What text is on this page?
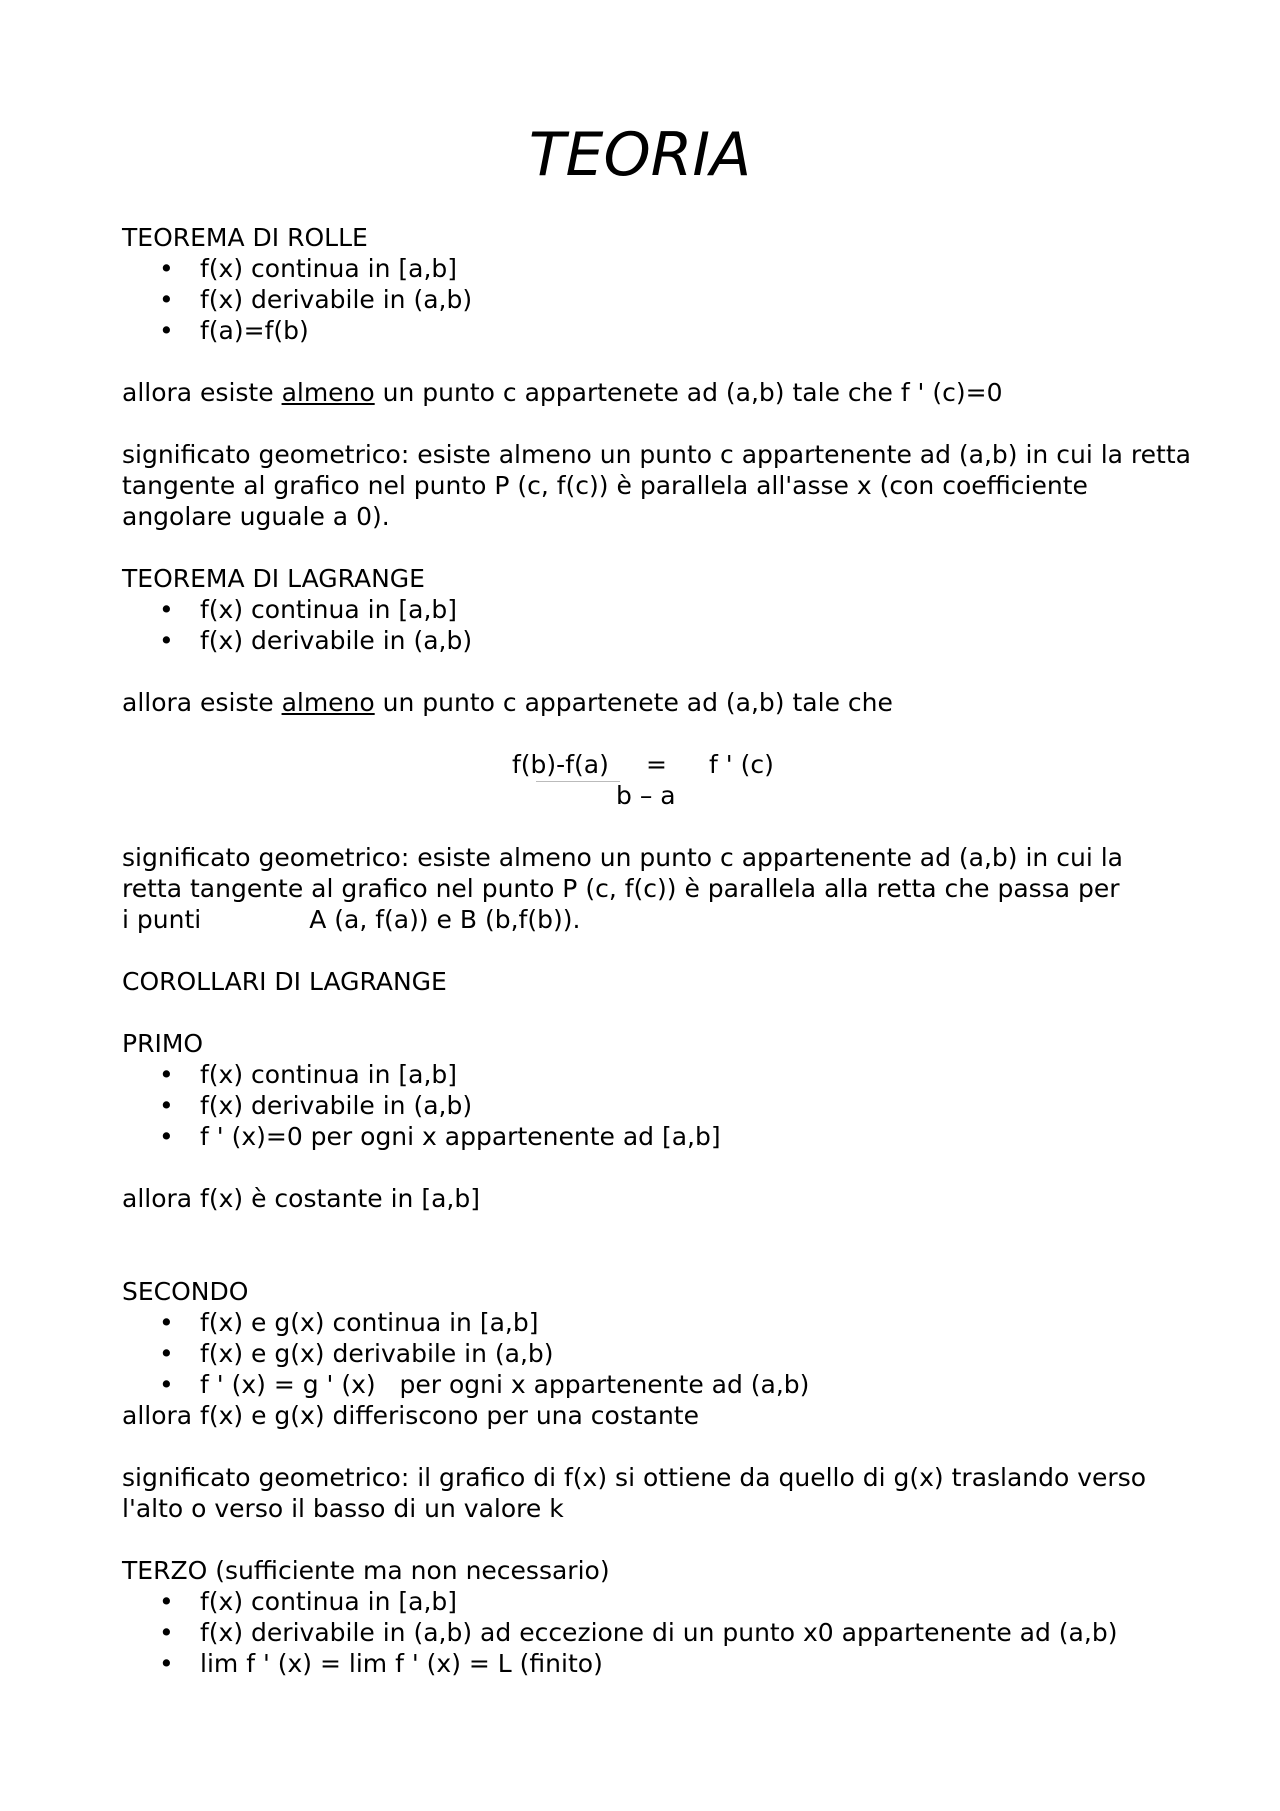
TEORIA

TEOREMA DI ROLLE

• f(x) continua in [a,b]
• f(x) derivabile in (a,b)
• f(a)=f(b)

allora esiste almeno un punto c appartenete ad (a,b) tale che f ' (c)=0

significato geometrico: esiste almeno un punto c appartenente ad (a,b) in cui la retta tangente al grafico nel punto P (c, f(c)) è parallela all'asse x (con coefficiente angolare uguale a 0).

TEOREMA DI LAGRANGE

• f(x) continua in [a,b]
• f(x) derivabile in (a,b)

allora esiste almeno un punto c appartenete ad (a,b) tale che

f(b)-f(a) = f ' (c)
b – a

significato geometrico: esiste almeno un punto c appartenente ad (a,b) in cui la
retta tangente al grafico nel punto P (c, f(c)) è parallela alla retta che passa per
i punti	A (a, f(a)) e B (b,f(b)).

COROLLARI DI LAGRANGE

PRIMO

• f(x) continua in [a,b]
• f(x) derivabile in (a,b)
• f ' (x)=0 per ogni x appartenente ad [a,b]

allora f(x) è costante in [a,b]

SECONDO

• f(x) e g(x) continua in [a,b]
• f(x) e g(x) derivabile in (a,b)
• f ' (x) = g ' (x)   per ogni x appartenente ad (a,b)

allora f(x) e g(x) differiscono per una costante

significato geometrico: il grafico di f(x) si ottiene da quello di g(x) traslando verso l'alto o verso il basso di un valore k

TERZO (sufficiente ma non necessario)

• f(x) continua in [a,b]
• f(x) derivabile in (a,b) ad eccezione di un punto x0 appartenente ad (a,b)
• lim f ' (x) = lim f ' (x) = L (finito)
